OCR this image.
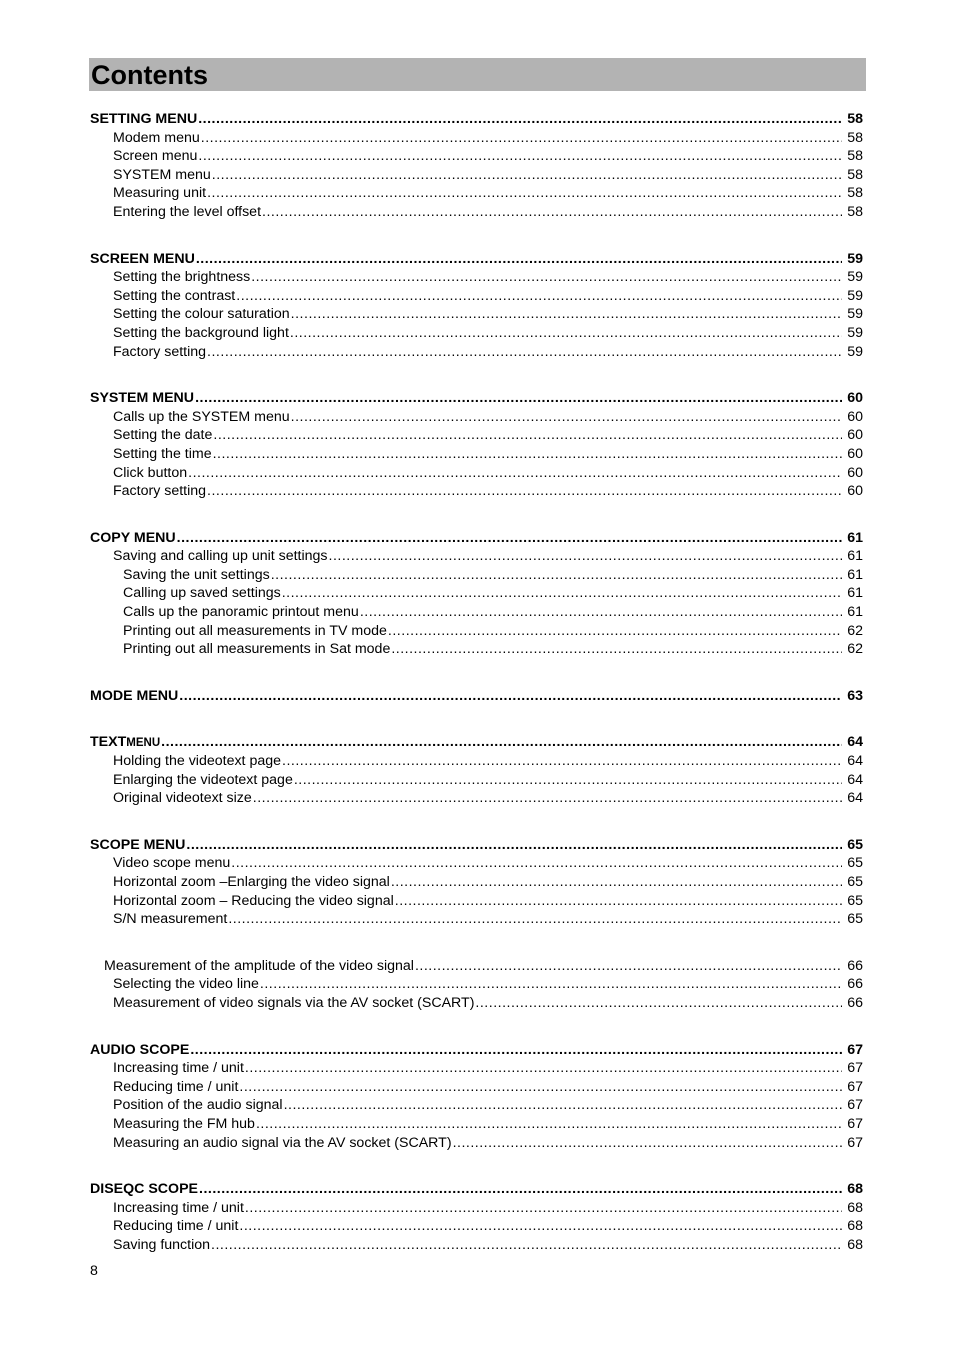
Contents
SETTING MENU .....	58
Modem menu .....	58
Screen menu .....	58
SYSTEM menu .....	58
Measuring unit .....	58
Entering the level offset .....	58
SCREEN MENU .....	59
Setting the brightness .....	59
Setting the contrast .....	59
Setting the colour saturation .....	59
Setting the background light .....	59
Factory setting .....	59
SYSTEM MENU .....	60
Calls up the SYSTEM menu .....	60
Setting the date .....	60
Setting the time .....	60
Click button .....	60
Factory setting .....	60
COPY MENU .....	61
Saving and calling up unit settings .....	61
Saving the unit settings .....	61
Calling up saved settings .....	61
Calls up the panoramic printout menu .....	61
Printing out all measurements in TV mode .....	62
Printing out all measurements in Sat mode .....	62
MODE MENU .....	63
TEXT MENU .....	64
Holding the videotext page .....	64
Enlarging the videotext page .....	64
Original videotext size .....	64
SCOPE MENU .....	65
Video scope menu .....	65
Horizontal zoom –Enlarging the video signal .....	65
Horizontal zoom – Reducing the video signal .....	65
S/N measurement .....	65
Measurement of the amplitude of the video signal .....	66
Selecting the video line .....	66
Measurement of video signals via the AV socket (SCART) .....	66
AUDIO SCOPE .....	67
Increasing time / unit .....	67
Reducing time / unit .....	67
Position of the audio signal .....	67
Measuring the FM hub .....	67
Measuring an audio signal via the AV socket (SCART) .....	67
DISEQC SCOPE .....	68
Increasing time / unit .....	68
Reducing time / unit .....	68
Saving function .....	68
8
